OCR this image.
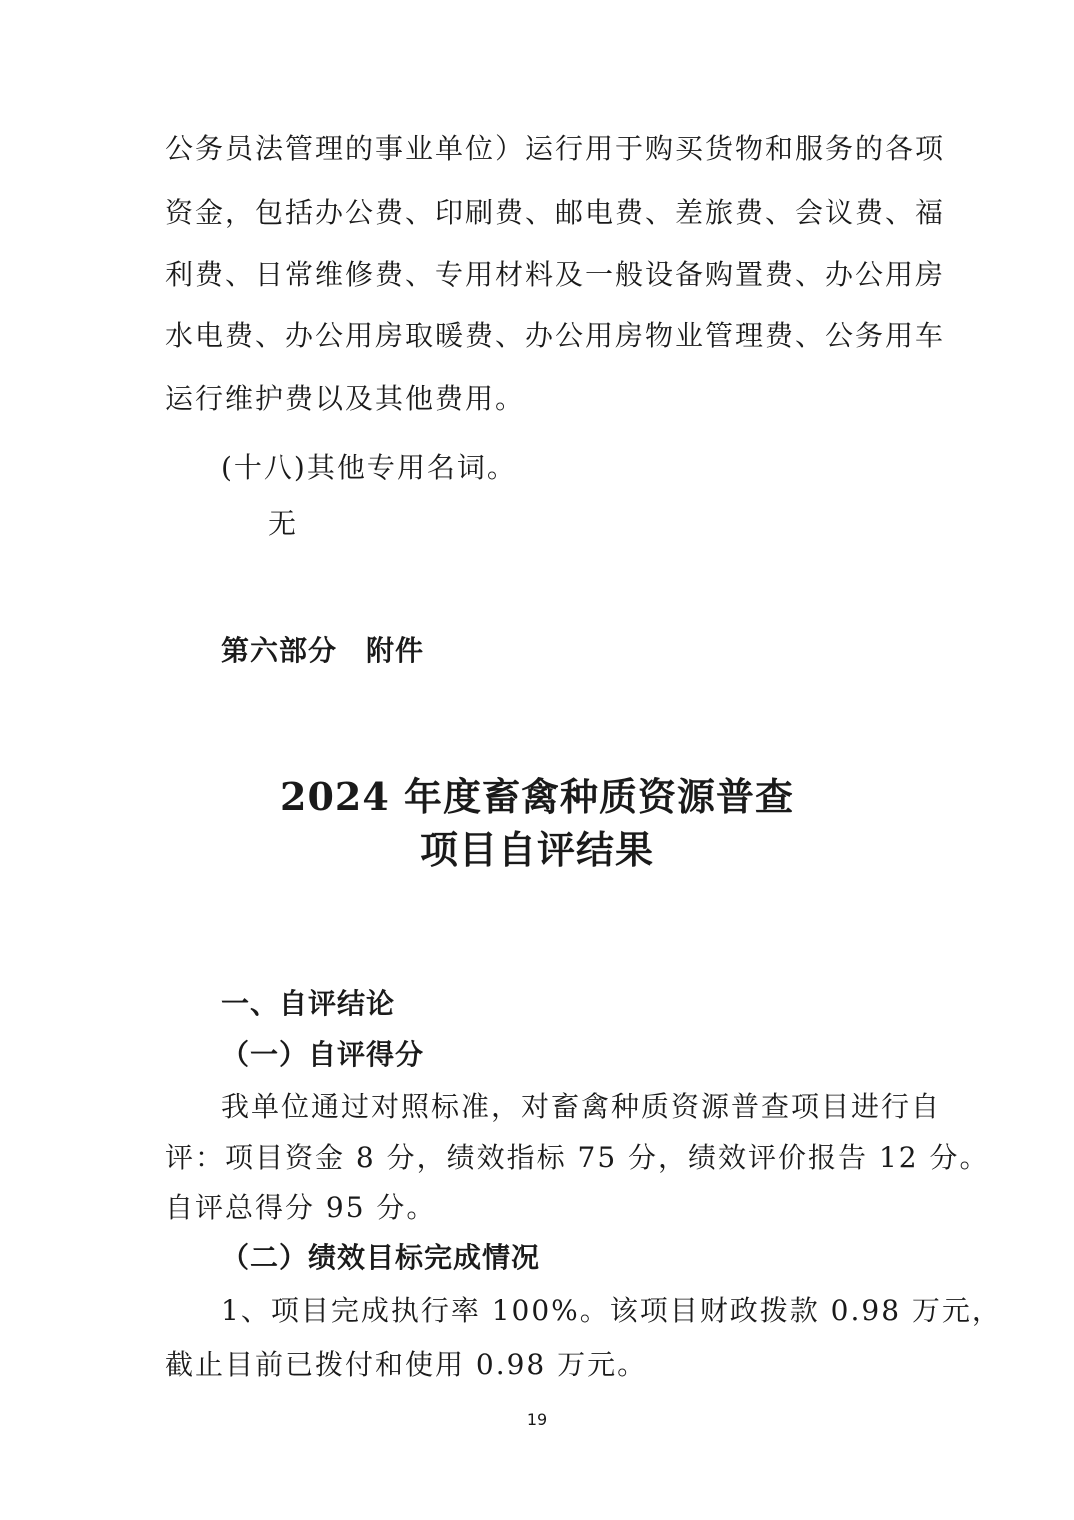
公务员法管理的事业单位）运行用于购买货物和服务的各项
资金，包括办公费、印刷费、邮电费、差旅费、会议费、福
利费、日常维修费、专用材料及一般设备购置费、办公用房
水电费、办公用房取暖费、办公用房物业管理费、公务用车
运行维护费以及其他费用。
(十八)其他专用名词。
无
第六部分　附件
2024 年度畜禽种质资源普查
项目自评结果
一、自评结论
（一）自评得分
我单位通过对照标准，对畜禽种质资源普查项目进行自
评：项目资金 8 分，绩效指标 75 分，绩效评价报告 12 分。
自评总得分 95 分。
（二）绩效目标完成情况
1、项目完成执行率 100%。该项目财政拨款 0.98 万元，
截止目前已拨付和使用 0.98 万元。
19
